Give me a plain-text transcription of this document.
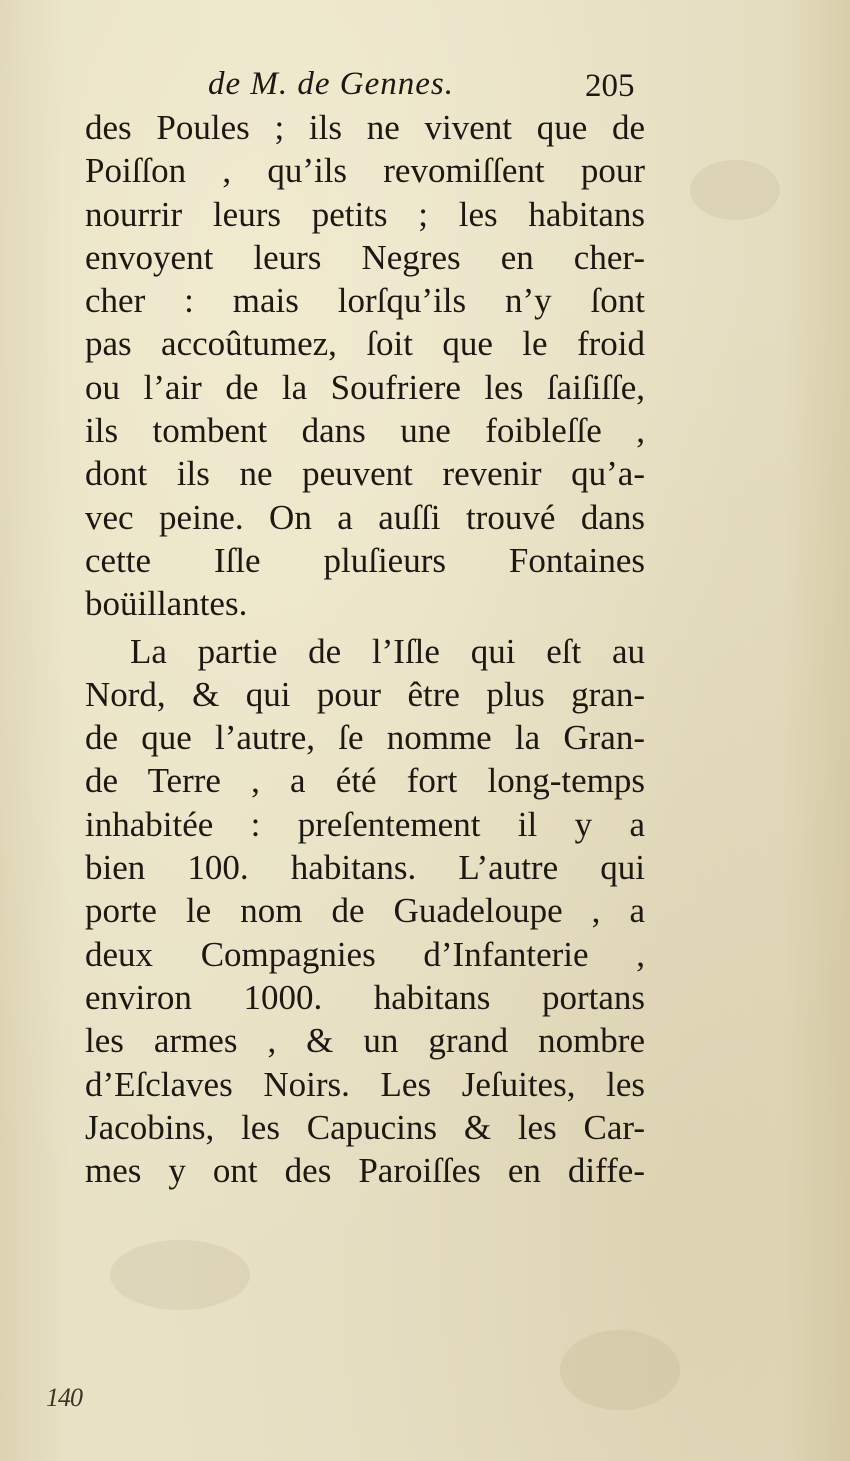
de M. de Gennes.	205
des Poules ; ils ne vivent que de
Poiſſon , qu’ils revomiſſent pour
nourrir leurs petits ; les habitans
envoyent leurs Negres en cher-
cher : mais lorſqu’ils n’y ſont
pas accoûtumez, ſoit que le froid
ou l’air de la Soufriere les ſaiſiſſe,
ils tombent dans une foibleſſe ,
dont ils ne peuvent revenir qu’a-
vec peine. On a auſſi trouvé dans
cette Iſle pluſieurs Fontaines
boüillantes.
La partie de l’Iſle qui eſt au
Nord, & qui pour être plus gran-
de que l’autre, ſe nomme la Gran-
de Terre , a été fort long-temps
inhabitée : preſentement il y a
bien 100. habitans. L’autre qui
porte le nom de Guadeloupe , a
deux Compagnies d’Infanterie ,
environ 1000. habitans portans
les armes , & un grand nombre
d’Eſclaves Noirs. Les Jeſuites, les
Jacobins, les Capucins & les Car-
mes y ont des Paroiſſes en diffe-
140
